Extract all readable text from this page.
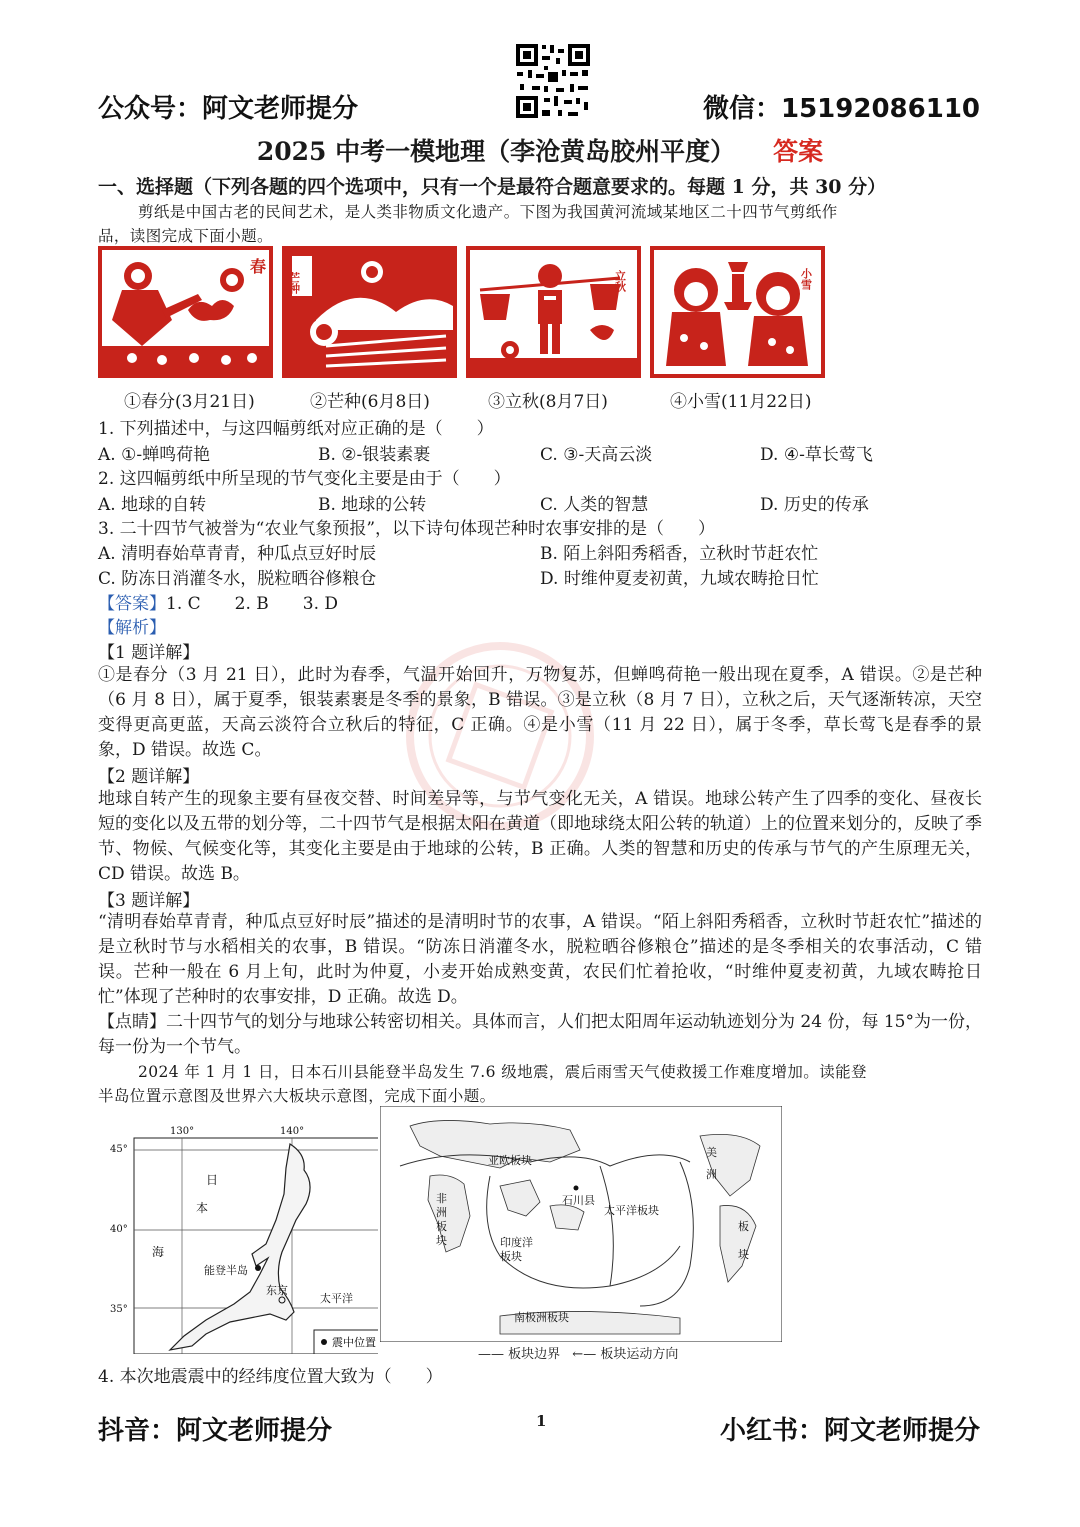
公众号：阿文老师提分	微信：15192086110
2025 中考一模地理（李沧黄岛胶州平度） 答案
一、选择题（下列各题的四个选项中，只有一个是最符合题意要求的。每题 1 分，共 30 分）
剪纸是中国古老的民间艺术，是人类非物质文化遗产。下图为我国黄河流域某地区二十四节气剪纸作
品，读图完成下面小题。
春
芒种	立秋	小雪
①春分(3月21日)	②芒种(6月8日)	③立秋(8月7日)	④小雪(11月22日)
1. 下列描述中，与这四幅剪纸对应正确的是（　　）
A. ①-蝉鸣荷艳	B. ②-银装素裹	C. ③-天高云淡	D. ④-草长莺飞
2. 这四幅剪纸中所呈现的节气变化主要是由于（　　）
A. 地球的自转	B. 地球的公转	C. 人类的智慧	D. 历史的传承
3. 二十四节气被誉为“农业气象预报”，以下诗句体现芒种时农事安排的是（　　）
A. 清明春始草青青，种瓜点豆好时辰	B. 陌上斜阳秀稻香，立秋时节赶农忙
C. 防冻日消灌冬水，脱粒晒谷修粮仓	D. 时维仲夏麦初黄，九域农畴抢日忙
【答案】1. C　　2. B　　3. D
【解析】
【1 题详解】
①是春分（3 月 21 日），此时为春季，气温开始回升，万物复苏，但蝉鸣荷艳一般出现在夏季，A 错误。②是芒种（6 月 8 日），属于夏季，银装素裹是冬季的景象，B 错误。③是立秋（8 月 7 日），立秋之后，天气逐渐转凉，天空变得更高更蓝，天高云淡符合立秋后的特征，C 正确。④是小雪（11 月 22 日），属于冬季，草长莺飞是春季的景象，D 错误。故选 C。
【2 题详解】
地球自转产生的现象主要有昼夜交替、时间差异等，与节气变化无关，A 错误。地球公转产生了四季的变化、昼夜长短的变化以及五带的划分等，二十四节气是根据太阳在黄道（即地球绕太阳公转的轨道）上的位置来划分的，反映了季节、物候、气候变化等，其变化主要是由于地球的公转，B 正确。人类的智慧和历史的传承与节气的产生原理无关，CD 错误。故选 B。
【3 题详解】
“清明春始草青青，种瓜点豆好时辰”描述的是清明时节的农事，A 错误。“陌上斜阳秀稻香，立秋时节赶农忙”描述的是立秋时节与水稻相关的农事，B 错误。“防冻日消灌冬水，脱粒晒谷修粮仓”描述的是冬季相关的农事活动，C 错误。芒种一般在 6 月上旬，此时为仲夏，小麦开始成熟变黄，农民们忙着抢收，“时维仲夏麦初黄，九域农畴抢日忙”体现了芒种时的农事安排，D 正确。故选 D。
【点睛】二十四节气的划分与地球公转密切相关。具体而言，人们把太阳周年运动轨迹划分为 24 份，每 15°为一份，每一份为一个节气。
2024 年 1 月 1 日，日本石川县能登半岛发生 7.6 级地震，震后雨雪天气使救援工作难度增加。读能登
半岛位置示意图及世界六大板块示意图，完成下面小题。
130°	140°
45°
40°
35°
日
本
海
能登半岛
东京
太平洋
震中位置
亚欧板块
美
洲
非
洲
板
块
石川县
太平洋板块
印度洋
板块
板
块
南极洲板块
—— 板块边界 ←— 板块运动方向
4. 本次地震震中的经纬度位置大致为（　　）
抖音：阿文老师提分	1	小红书：阿文老师提分
